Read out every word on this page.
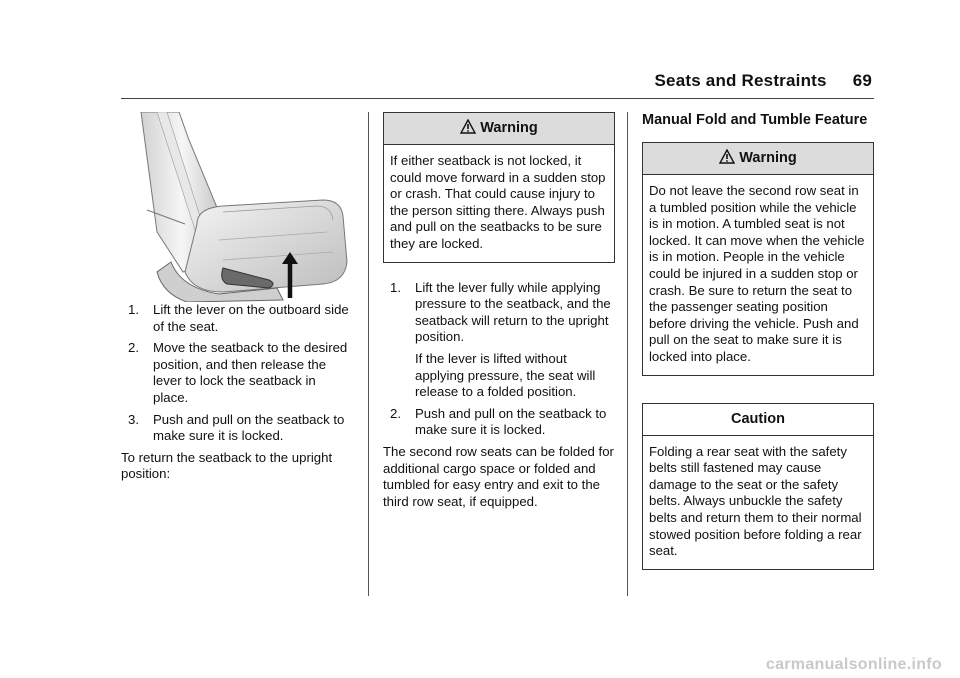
Seats and Restraints 69
1. Lift the lever on the outboard side of the seat.
2. Move the seatback to the desired position, and then release the lever to lock the seatback in place.
3. Push and pull on the seatback to make sure it is locked.

To return the seatback to the upright position:

Warning
If either seatback is not locked, it could move forward in a sudden stop or crash. That could cause injury to the person sitting there. Always push and pull on the seatbacks to be sure they are locked.
1. Lift the lever fully while applying pressure to the seatback, and the seatback will return to the upright position.

If the lever is lifted without applying pressure, the seat will release to a folded position.

2. Push and pull on the seatback to make sure it is locked.

The second row seats can be folded for additional cargo space or folded and tumbled for easy entry and exit to the third row seat, if equipped.

Manual Fold and Tumble Feature
Warning
Do not leave the second row seat in a tumbled position while the vehicle is in motion. A tumbled seat is not locked. It can move when the vehicle is in motion. People in the vehicle could be injured in a sudden stop or crash. Be sure to return the seat to the passenger seating position before driving the vehicle. Push and pull on the seat to make sure it is locked into place.
Caution
Folding a rear seat with the safety belts still fastened may cause damage to the seat or the safety belts. Always unbuckle the safety belts and return them to their normal stowed position before folding a rear seat.
carmanualsonline.info
